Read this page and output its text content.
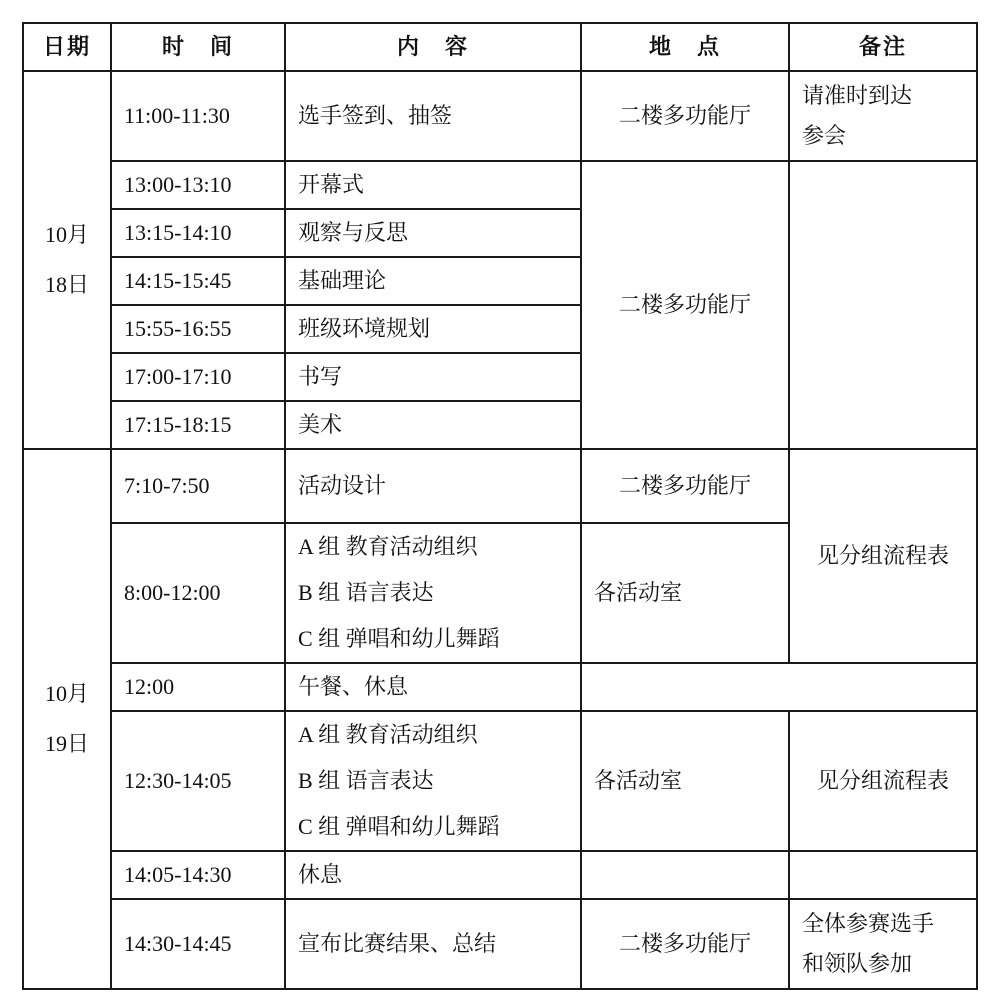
日期	时　间	内　容	地　点	备注

10月
18日	11:00-11:30	选手签到、抽签	二楼多功能厅	请准时到达
参会

	13:00-13:10	开幕式	二楼多功能厅	
	13:15-14:10	观察与反思		
	14:15-15:45	基础理论		
	15:55-16:55	班级环境规划		
	17:00-17:10	书写		
	17:15-18:15	美术		

10月
19日	7:10-7:50	活动设计	二楼多功能厅	见分组流程表
	8:00-12:00	A 组 教育活动组织
B 组 语言表达
C 组 弹唱和幼儿舞蹈	各活动室	
	12:00	午餐、休息		
	12:30-14:05	A 组 教育活动组织
B 组 语言表达
C 组 弹唱和幼儿舞蹈	各活动室	见分组流程表
	14:05-14:30	休息		
	14:30-14:45	宣布比赛结果、总结	二楼多功能厅	全体参赛选手
和领队参加
